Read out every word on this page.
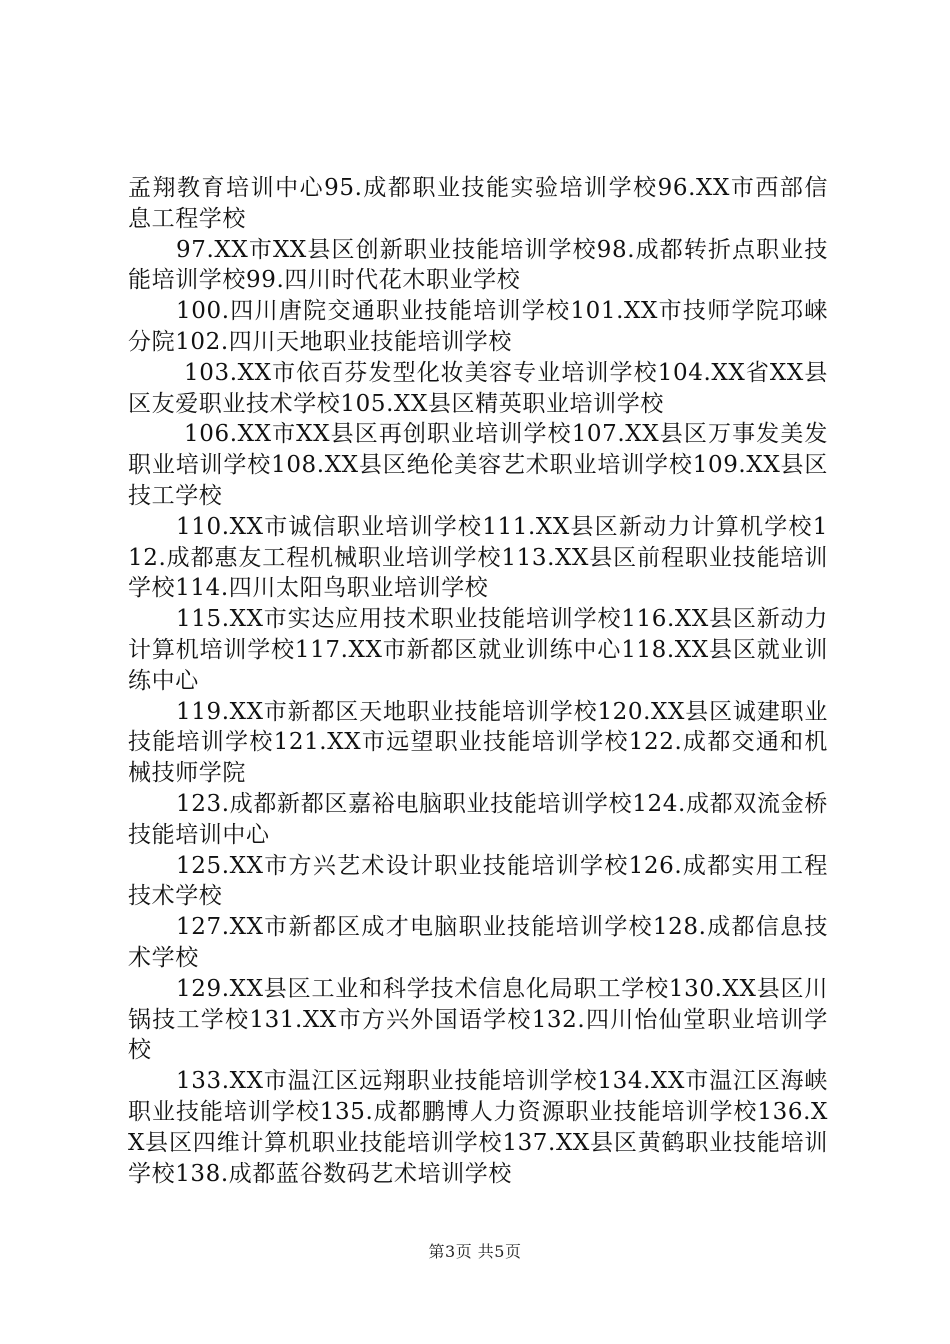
孟翔教育培训中心95.成都职业技能实验培训学校96.XX市西部信息工程学校

97.XX市XX县区创新职业技能培训学校98.成都转折点职业技能培训学校99.四川时代花木职业学校

100.四川唐院交通职业技能培训学校101.XX市技师学院邛崃分院102.四川天地职业技能培训学校

103.XX市依百芬发型化妆美容专业培训学校104.XX省XX县区友爱职业技术学校105.XX县区精英职业培训学校

106.XX市XX县区再创职业培训学校107.XX县区万事发美发职业培训学校108.XX县区绝伦美容艺术职业培训学校109.XX县区技工学校

110.XX市诚信职业培训学校111.XX县区新动力计算机学校112.成都惠友工程机械职业培训学校113.XX县区前程职业技能培训学校114.四川太阳鸟职业培训学校

115.XX市实达应用技术职业技能培训学校116.XX县区新动力计算机培训学校117.XX市新都区就业训练中心118.XX县区就业训练中心

119.XX市新都区天地职业技能培训学校120.XX县区诚建职业技能培训学校121.XX市远望职业技能培训学校122.成都交通和机械技师学院

123.成都新都区嘉裕电脑职业技能培训学校124.成都双流金桥技能培训中心

125.XX市方兴艺术设计职业技能培训学校126.成都实用工程技术学校

127.XX市新都区成才电脑职业技能培训学校128.成都信息技术学校

129.XX县区工业和科学技术信息化局职工学校130.XX县区川锅技工学校131.XX市方兴外国语学校132.四川怡仙堂职业培训学校

133.XX市温江区远翔职业技能培训学校134.XX市温江区海峡职业技能培训学校135.成都鹏博人力资源职业技能培训学校136.XX县区四维计算机职业技能培训学校137.XX县区黄鹤职业技能培训学校138.成都蓝谷数码艺术培训学校

第3页 共5页
